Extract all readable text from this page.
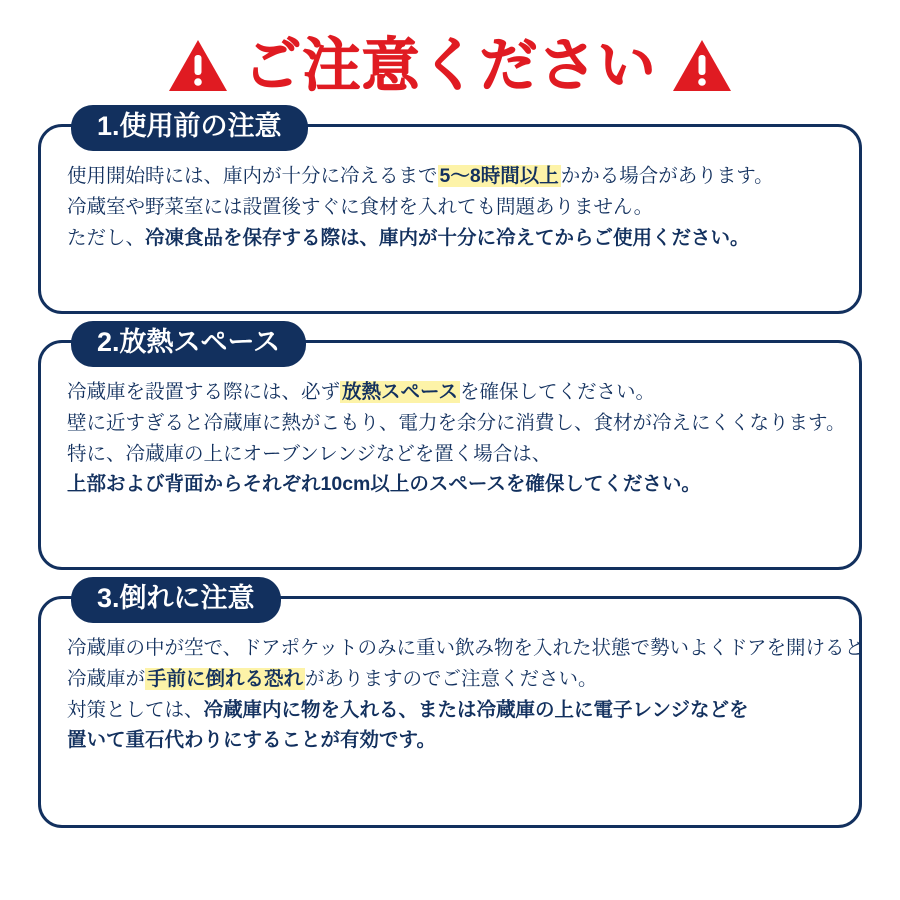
ご注意ください
1.使用前の注意
使用開始時には、庫内が十分に冷えるまで 5〜8時間以上 かかる場合があります。
冷蔵室や野菜室には設置後すぐに食材を入れても問題ありません。
ただし、冷凍食品を保存する際は、庫内が十分に冷えてからご使用ください。
2.放熱スペース
冷蔵庫を設置する際には、必ず 放熱スペース を確保してください。
壁に近すぎると冷蔵庫に熱がこもり、電力を余分に消費し、食材が冷えにくくなります。
特に、冷蔵庫の上にオーブンレンジなどを置く場合は、
上部および背面からそれぞれ10cm以上のスペースを確保してください。
3.倒れに注意
冷蔵庫の中が空で、ドアポケットのみに重い飲み物を入れた状態で勢いよくドアを開けると
冷蔵庫が 手前に倒れる恐れ がありますのでご注意ください。
対策としては、冷蔵庫内に物を入れる、または冷蔵庫の上に電子レンジなどを
置いて重石代わりにすることが有効です。
